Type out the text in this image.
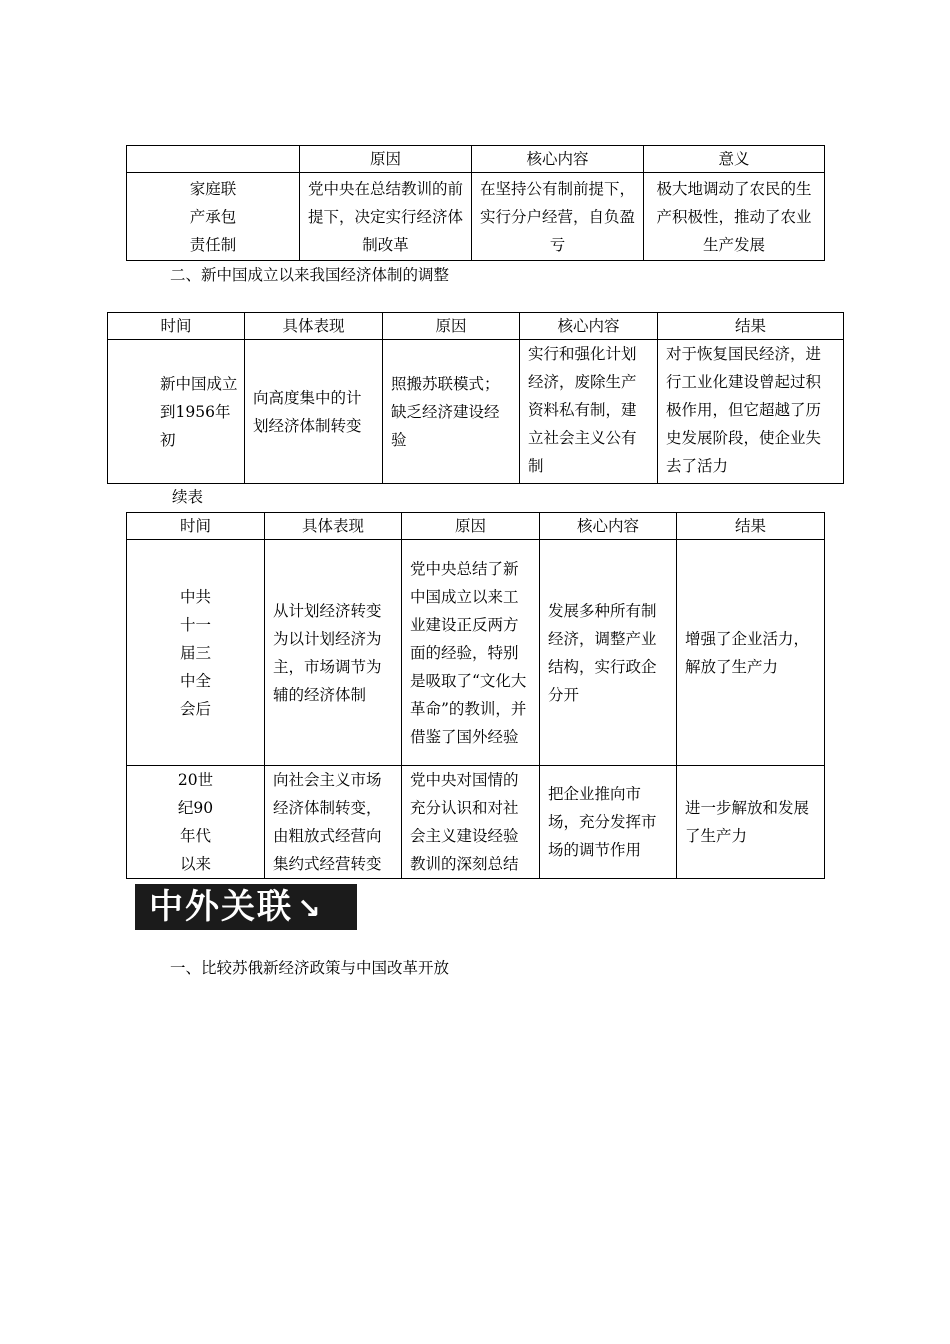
	原因	核心内容	意义
家庭联产承包责任制	党中央在总结教训的前提下，决定实行经济体制改革	在坚持公有制前提下，实行分户经营，自负盈亏	极大地调动了农民的生产积极性，推动了农业生产发展
二、新中国成立以来我国经济体制的调整
时间	具体表现	原因	核心内容	结果
新中国成立到1956年初	向高度集中的计划经济体制转变	照搬苏联模式；缺乏经济建设经验	实行和强化计划经济，废除生产资料私有制，建立社会主义公有制	对于恢复国民经济，进行工业化建设曾起过积极作用，但它超越了历史发展阶段，使企业失去了活力
续表
时间	具体表现	原因	核心内容	结果
中共十一届三中全会后	从计划经济转变为以计划经济为主，市场调节为辅的经济体制	党中央总结了新中国成立以来工业建设正反两方面的经验，特别是吸取了“文化大革命”的教训，并借鉴了国外经验	发展多种所有制经济，调整产业结构，实行政企分开	增强了企业活力，解放了生产力
20世纪90年代以来	向社会主义市场经济体制转变，由粗放式经营向集约式经营转变	党中央对国情的充分认识和对社会主义建设经验教训的深刻总结	把企业推向市场，充分发挥市场的调节作用	进一步解放和发展了生产力
中外关联 ↘
一、比较苏俄新经济政策与中国改革开放
